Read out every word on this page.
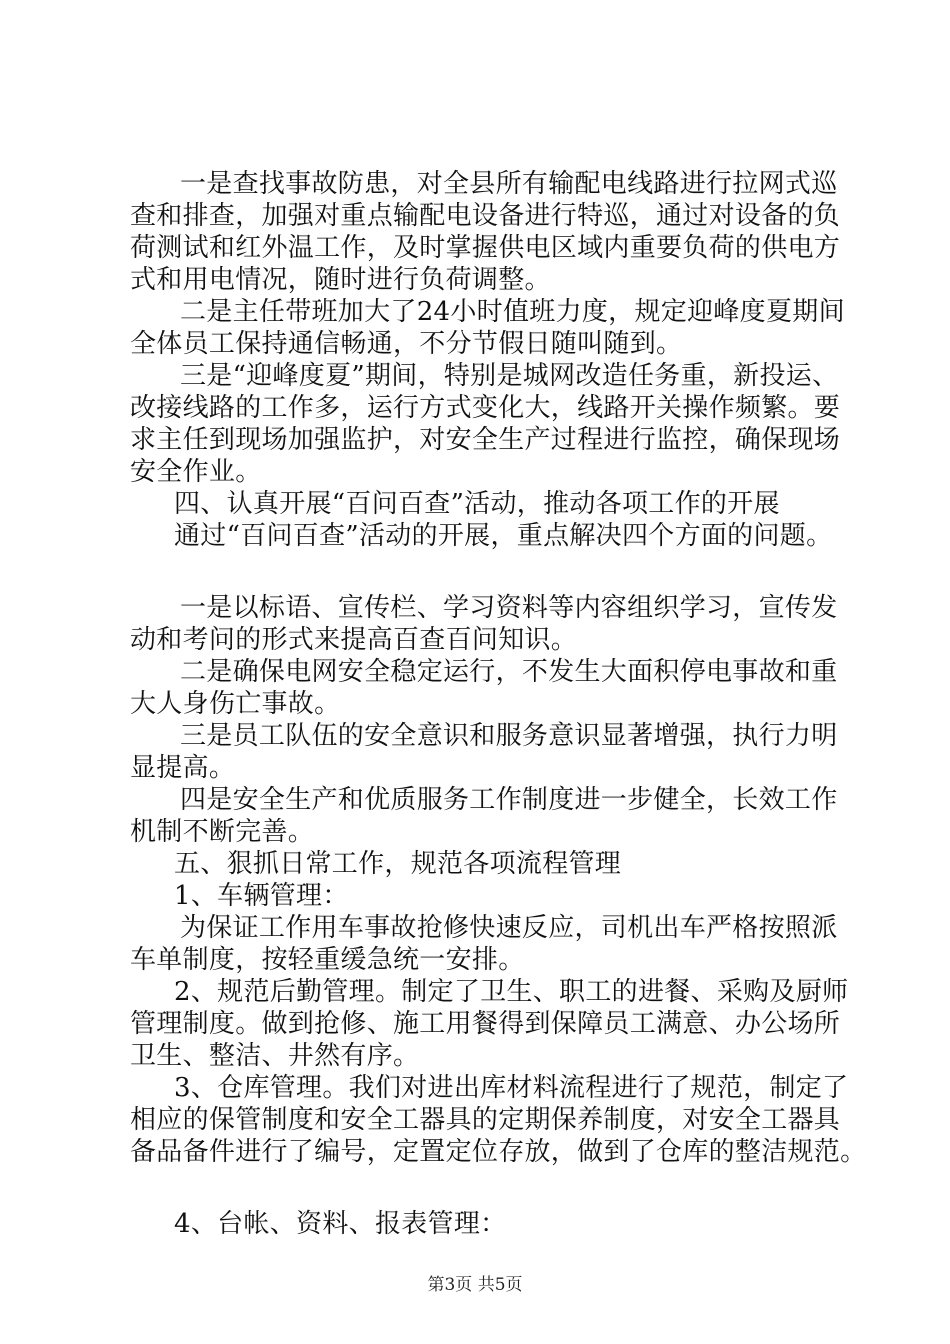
一是查找事故防患，对全县所有输配电线路进行拉网式巡
查和排查，加强对重点输配电设备进行特巡，通过对设备的负
荷测试和红外温工作，及时掌握供电区域内重要负荷的供电方
式和用电情况，随时进行负荷调整。
二是主任带班加大了24小时值班力度，规定迎峰度夏期间
全体员工保持通信畅通，不分节假日随叫随到。
三是“迎峰度夏”期间，特别是城网改造任务重，新投运、
改接线路的工作多，运行方式变化大，线路开关操作频繁。要
求主任到现场加强监护，对安全生产过程进行监控，确保现场
安全作业。
四、认真开展“百问百查”活动，推动各项工作的开展
通过“百问百查”活动的开展，重点解决四个方面的问题。
一是以标语、宣传栏、学习资料等内容组织学习，宣传发
动和考问的形式来提高百查百问知识。
二是确保电网安全稳定运行，不发生大面积停电事故和重
大人身伤亡事故。
三是员工队伍的安全意识和服务意识显著增强，执行力明
显提高。
四是安全生产和优质服务工作制度进一步健全，长效工作
机制不断完善。
五、狠抓日常工作，规范各项流程管理
1、车辆管理：
为保证工作用车事故抢修快速反应，司机出车严格按照派
车单制度，按轻重缓急统一安排。
2、规范后勤管理。制定了卫生、职工的进餐、采购及厨师
管理制度。做到抢修、施工用餐得到保障员工满意、办公场所
卫生、整洁、井然有序。
3、仓库管理。我们对进出库材料流程进行了规范，制定了
相应的保管制度和安全工器具的定期保养制度，对安全工器具
备品备件进行了编号，定置定位存放，做到了仓库的整洁规范。
4、台帐、资料、报表管理：
第3页 共5页
